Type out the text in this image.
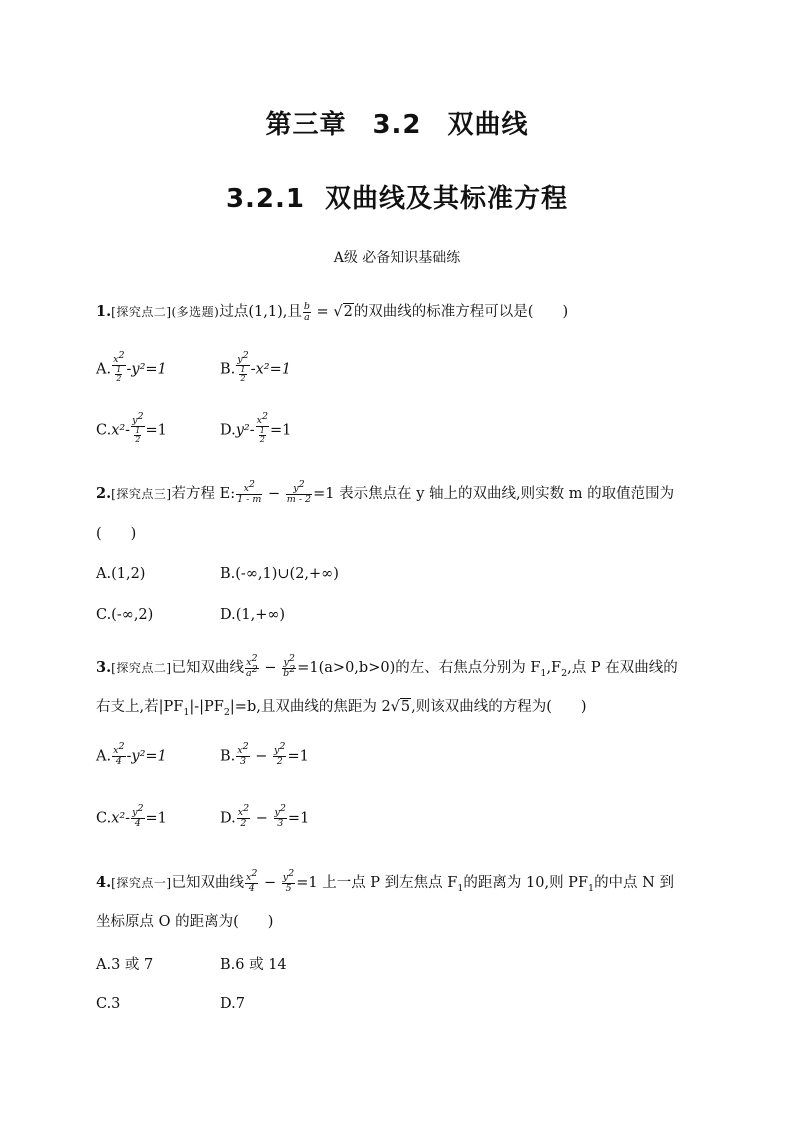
第三章 3.2 双曲线
3.2.1 双曲线及其标准方程
A级 必备知识基础练
1.[探究点二](多选题)过点(1,1),且 $\frac{b}{a} = √2$的双曲线的标准方程可以是(　　)
A. $\frac{x^2}{\frac{1}{2}} -y^2=1$	B. $\frac{y^2}{\frac{1}{2}} -x^2=1$
$C.x^2- \frac{y^2}{\frac{1}{2}} =1$	$D.y^2- \frac{x^2}{\frac{1}{2}} =1$
2.[探究点三]若方程 E: $\frac{x^2}{1 - m} - \frac{y^2}{m - 2} =1$ 表示焦点在 y 轴上的双曲线,则实数 m 的取值范围为
(　　)
A.(1,2)	B.(-∞,1)∪(2,+∞)
C.(-∞,2)	D.(1,+∞)
3.[探究点二]已知双曲线 $\frac{x^2}{a^2} - \frac{y^2}{b^2} =1(a>0,b>0)$的左、右焦点分别为 $F_1,F_2$,点 P 在双曲线的
右支上,若$|PF_1|-|PF_2|=b$,且双曲线的焦距为 2√5,则该双曲线的方程为(　　)
A. $\frac{x^2}{4} -y^2=1$	B. $\frac{x^2}{3} - \frac{y^2}{2} =1$
$C.x^2- \frac{y^2}{4} =1$	D. $\frac{x^2}{2} - \frac{y^2}{3} =1$
4.[探究点一]已知双曲线 $\frac{x^2}{4} - \frac{y^2}{5} =1$ 上一点 P 到左焦点 $F_1$的距离为 10,则 $PF_1$的中点 N 到
坐标原点 O 的距离为(　　)
A.3 或 7	B.6 或 14
C.3	D.7
